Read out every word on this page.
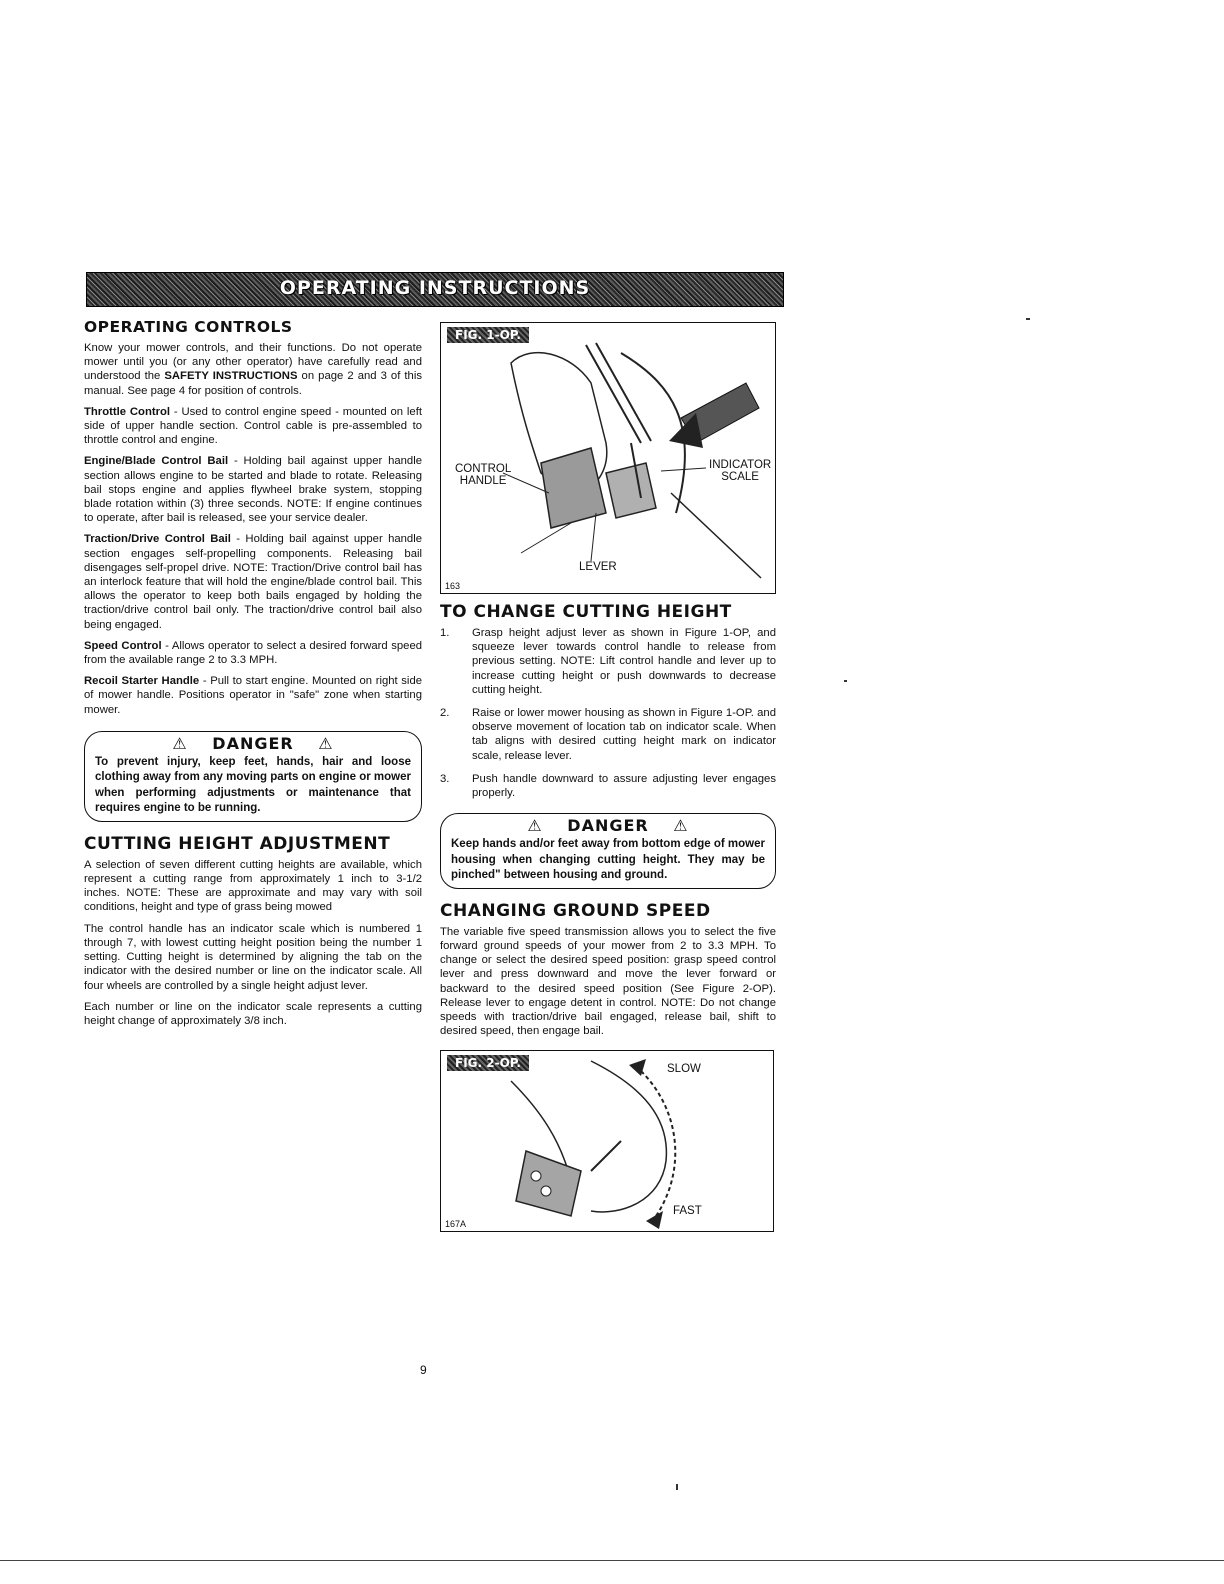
OPERATING INSTRUCTIONS
OPERATING CONTROLS

Know your mower controls, and their functions. Do not operate mower until you (or any other operator) have carefully read and understood the SAFETY INSTRUCTIONS on page 2 and 3 of this manual. See page 4 for position of controls.

Throttle Control - Used to control engine speed - mounted on left side of upper handle section. Control cable is pre-assembled to throttle control and engine.

Engine/Blade Control Bail - Holding bail against upper handle section allows engine to be started and blade to rotate. Releasing bail stops engine and applies flywheel brake system, stopping blade rotation within (3) three seconds. NOTE: If engine continues to operate, after bail is released, see your service dealer.

Traction/Drive Control Bail - Holding bail against upper handle section engages self-propelling components. Releasing bail disengages self-propel drive. NOTE: Traction/Drive control bail has an interlock feature that will hold the engine/blade control bail. This allows the operator to keep both bails engaged by holding the traction/drive control bail only. The traction/drive control bail also being engaged.

Speed Control - Allows operator to select a desired forward speed from the available range 2 to 3.3 MPH.

Recoil Starter Handle - Pull to start engine. Mounted on right side of mower handle. Positions operator in "safe" zone when starting mower.

⚠ DANGER ⚠

To prevent injury, keep feet, hands, hair and loose clothing away from any moving parts on engine or mower when performing adjustments or maintenance that requires engine to be running.

CUTTING HEIGHT ADJUSTMENT

A selection of seven different cutting heights are available, which represent a cutting range from approximately 1 inch to 3-1/2 inches. NOTE: These are approximate and may vary with soil conditions, height and type of grass being mowed

The control handle has an indicator scale which is numbered 1 through 7, with lowest cutting height position being the number 1 setting. Cutting height is determined by aligning the tab on the indicator with the desired number or line on the indicator scale. All four wheels are controlled by a single height adjust lever.

Each number or line on the indicator scale represents a cutting height change of approximately 3/8 inch.

FIG. 1-OP.
CONTROL
HANDLE
INDICATOR
SCALE
LEVER
163
TO CHANGE CUTTING HEIGHT
1.	Grasp height adjust lever as shown in Figure 1-OP, and squeeze lever towards control handle to release from previous setting. NOTE: Lift control handle and lever up to increase cutting height or push downwards to decrease cutting height.

2.	Raise or lower mower housing as shown in Figure 1-OP. and observe movement of location tab on indicator scale. When tab aligns with desired cutting height mark on indicator scale, release lever.

3.	Push handle downward to assure adjusting lever engages properly.

⚠ DANGER ⚠

Keep hands and/or feet away from bottom edge of mower housing when changing cutting height. They may be pinched" between housing and ground.

CHANGING GROUND SPEED

The variable five speed transmission allows you to select the five forward ground speeds of your mower from 2 to 3.3 MPH. To change or select the desired speed position: grasp speed control lever and press downward and move the lever forward or backward to the desired speed position (See Figure 2-OP). Release lever to engage detent in control. NOTE: Do not change speeds with traction/drive bail engaged, release bail, shift to desired speed, then engage bail.

FIG. 2-OP.	SLOW
FAST
167A
9
